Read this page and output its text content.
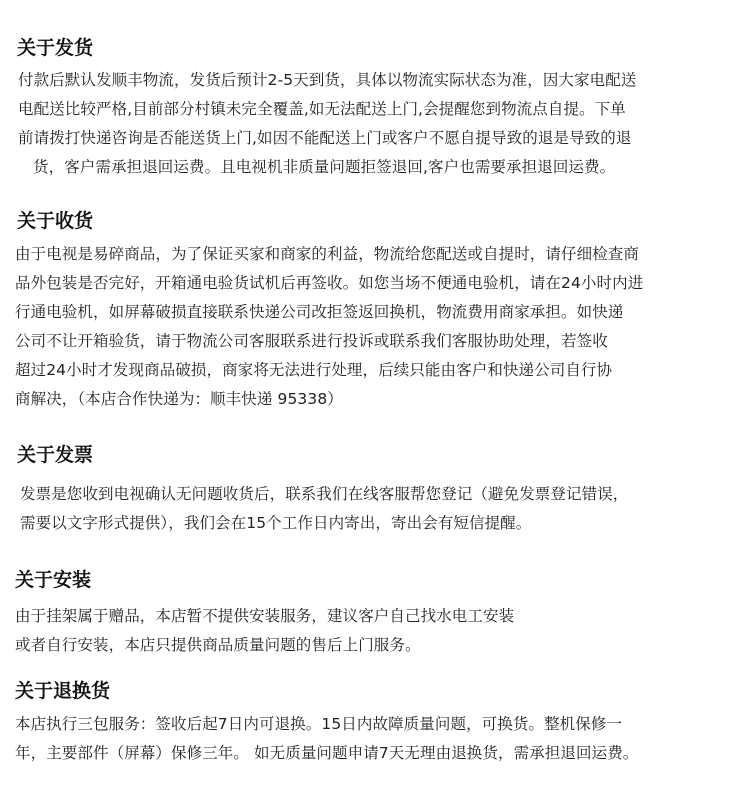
关于发货
付款后默认发顺丰物流，发货后预计2-5天到货，具体以物流实际状态为准，因大家电配送
电配送比较严格,目前部分村镇未完全覆盖,如无法配送上门,会提醒您到物流点自提。下单
前请拨打快递咨询是否能送货上门,如因不能配送上门或客户不愿自提导致的退是导致的退
货，客户需承担退回运费。且电视机非质量问题拒签退回,客户也需要承担退回运费。
关于收货
由于电视是易碎商品，为了保证买家和商家的利益，物流给您配送或自提时，请仔细检查商
品外包装是否完好，开箱通电验货试机后再签收。如您当场不便通电验机，请在24小时内进
行通电验机，如屏幕破损直接联系快递公司改拒签返回换机，物流费用商家承担。如快递
公司不让开箱验货，请于物流公司客服联系进行投诉或联系我们客服协助处理，若签收
超过24小时才发现商品破损，商家将无法进行处理，后续只能由客户和快递公司自行协
商解决，（本店合作快递为：顺丰快递 95338）
关于发票
发票是您收到电视确认无问题收货后，联系我们在线客服帮您登记（避免发票登记错误，
需要以文字形式提供），我们会在15个工作日内寄出，寄出会有短信提醒。
关于安装
由于挂架属于赠品，本店暂不提供安装服务，建议客户自己找水电工安装
或者自行安装，本店只提供商品质量问题的售后上门服务。
关于退换货
本店执行三包服务：签收后起7日内可退换。15日内故障质量问题，可换货。整机保修一
年，主要部件（屏幕）保修三年。 如无质量问题申请7天无理由退换货，需承担退回运费。
